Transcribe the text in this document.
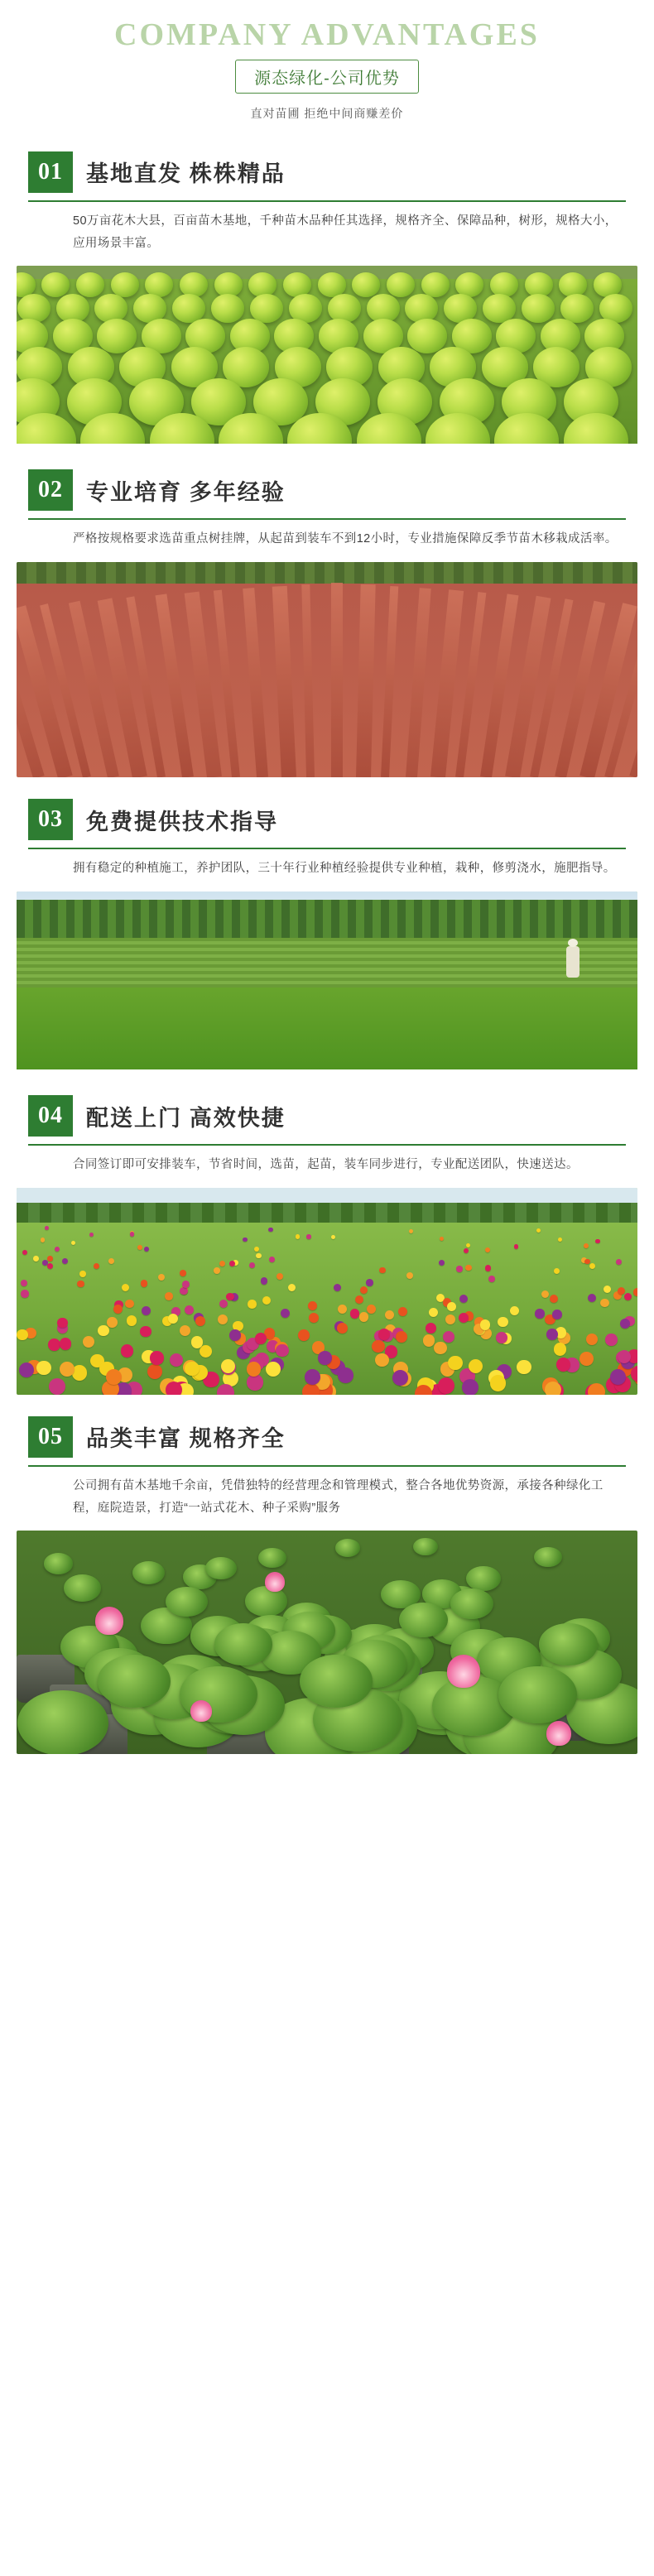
COMPANY ADVANTAGES
源态绿化-公司优势
直对苗圃 拒绝中间商赚差价
01	基地直发 株株精品
50万亩花木大县，百亩苗木基地，千种苗木品种任其选择，规格齐全、保障品种，树形，规格大小，应用场景丰富。
02	专业培育 多年经验
严格按规格要求选苗重点树挂牌，从起苗到装车不到12小时，专业措施保障反季节苗木移栽成活率。
03	免费提供技术指导
拥有稳定的种植施工，养护团队，三十年行业种植经验提供专业种植，栽种，修剪浇水，施肥指导。
04	配送上门 高效快捷
合同签订即可安排装车，节省时间，选苗，起苗，装车同步进行，专业配送团队，快速送达。
05	品类丰富 规格齐全
公司拥有苗木基地千余亩，凭借独特的经营理念和管理模式，整合各地优势资源，承接各种绿化工程，庭院造景，打造“一站式花木、种子采购”服务
